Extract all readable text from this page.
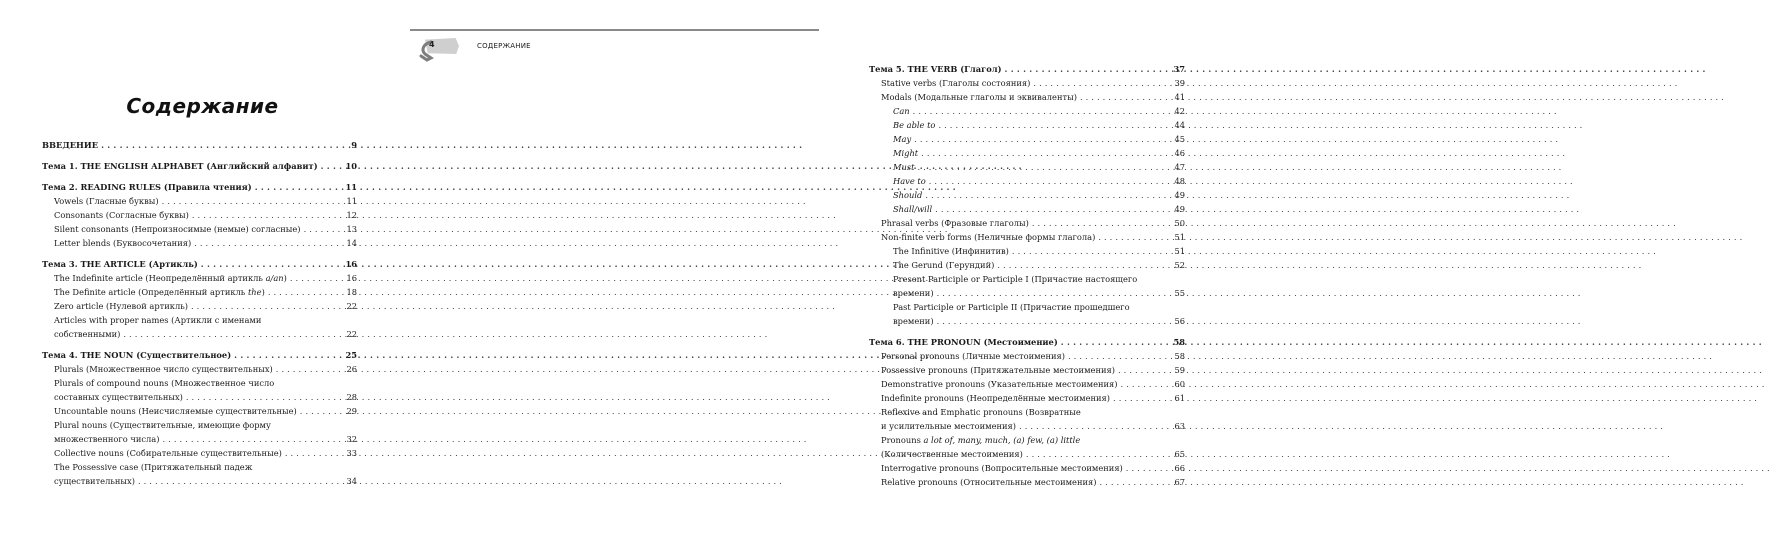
Содержание
ВВЕДЕНИЕ . . .	9
Тема 1. THE ENGLISH ALPHABET (Английский алфавит) . . .	10
Тема 2. READING RULES (Правила чтения) . . .	11
Vowels (Гласные буквы) . . .	11
Consonants (Согласные буквы) . . .	12
Silent consonants (Непроизносимые (немые) согласные) . . .	13
Letter blends (Буквосочетания) . . .	14
Тема 3. THE ARTICLE (Артикль) . . .	16
The Indefinite article (Неопределённый артикль a/an) . . .	16
The Definite article (Определённый артикль the) . . .	18
Zero article (Нулевой артикль) . . .	22
Articles with proper names (Артикли с именами
собственными) . . .	22
Тема 4. THE NOUN (Существительное) . . .	25
Plurals (Множественное число существительных) . . .	26
Plurals of compound nouns (Множественное число
составных существительных) . . .	28
Uncountable nouns (Неисчисляемые существительные) . . .	29
Plural nouns (Существительные, имеющие форму
множественного числа) . . .	32
Collective nouns (Собирательные существительные) . . .	33
The Possessive case (Притяжательный падеж
существительных) . . .	34
4	СОДЕРЖАНИЕ
Тема 5. THE VERB (Глагол) . . .	37
Stative verbs (Глаголы состояния) . . .	39
Modals (Модальные глаголы и эквиваленты) . . .	41
Can . . .	42
Be able to . . .	44
May . . .	45
Might . . .	46
Must . . .	47
Have to . . .	48
Should . . .	49
Shall/will . . .	49
Phrasal verbs (Фразовые глаголы) . . .	50
Non-finite verb forms (Неличные формы глагола) . . .	51
The Infinitive (Инфинитив) . . .	51
The Gerund (Герундий) . . .	52
Present Participle or Participle I (Причастие настоящего
времени) . . .	55
Past Participle or Participle II (Причастие прошедшего
времени) . . .	56
Тема 6. THE PRONOUN (Местоимение) . . .	58
Personal pronouns (Личные местоимения) . . .	58
Possessive pronouns (Притяжательные местоимения) . . .	59
Demonstrative pronouns (Указательные местоимения) . . .	60
Indefinite pronouns (Неопределённые местоимения) . . .	61
Reflexive and Emphatic pronouns (Возвратные
и усилительные местоимения) . . .	63
Pronouns a lot of, many, much, (a) few, (a) little
(Количественные местоимения) . . .	65
Interrogative pronouns (Вопросительные местоимения) . . .	66
Relative pronouns (Относительные местоимения) . . .	67
